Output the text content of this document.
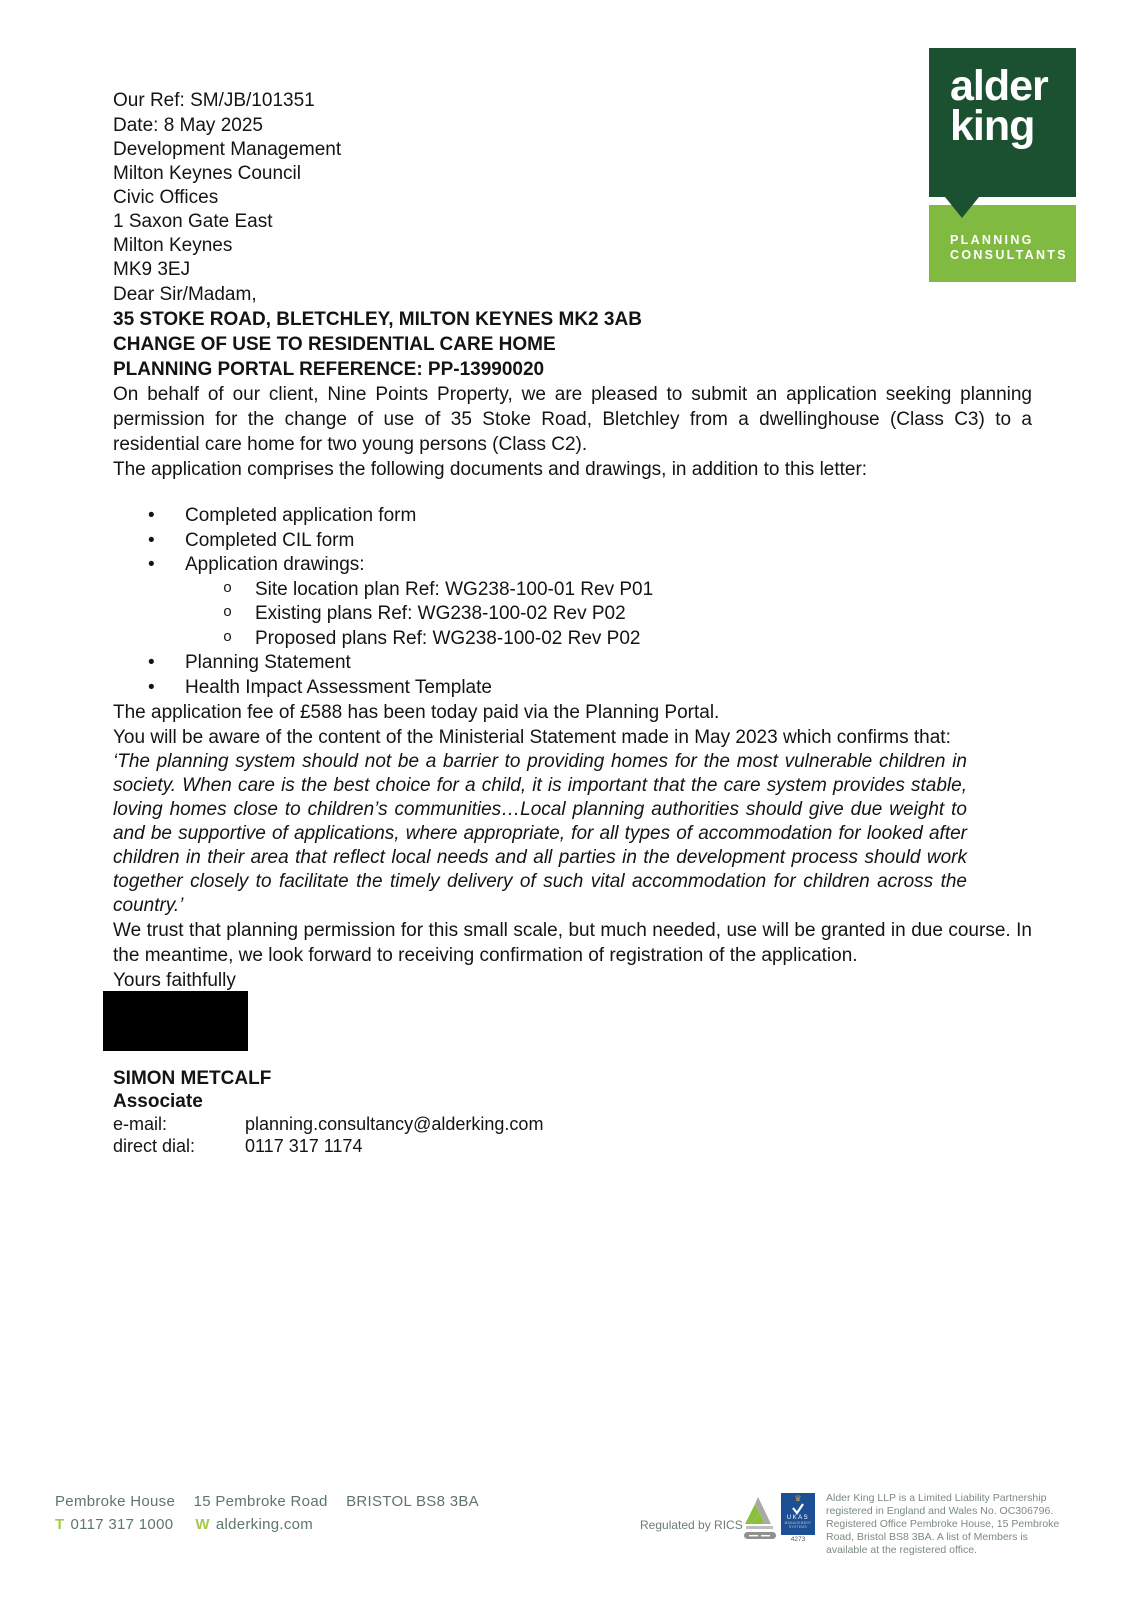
alder
king
PLANNING
CONSULTANTS
Our Ref: SM/JB/101351
Date: 8 May 2025
Development Management
Milton Keynes Council
Civic Offices
1 Saxon Gate East
Milton Keynes
MK9 3EJ

Dear Sir/Madam,

35 STOKE ROAD, BLETCHLEY, MILTON KEYNES MK2 3AB
CHANGE OF USE TO RESIDENTIAL CARE HOME
PLANNING PORTAL REFERENCE: PP-13990020

On behalf of our client, Nine Points Property, we are pleased to submit an application seeking planning permission for the change of use of 35 Stoke Road, Bletchley from a dwellinghouse (Class C3) to a residential care home for two young persons (Class C2).

The application comprises the following documents and drawings, in addition to this letter:

• Completed application form
• Completed CIL form
• Application drawings:
o Site location plan Ref: WG238-100-01 Rev P01
o Existing plans Ref: WG238-100-02 Rev P02
o Proposed plans Ref: WG238-100-02 Rev P02
• Planning Statement
• Health Impact Assessment Template

The application fee of £588 has been today paid via the Planning Portal.

You will be aware of the content of the Ministerial Statement made in May 2023 which confirms that:

‘The planning system should not be a barrier to providing homes for the most vulnerable children in society. When care is the best choice for a child, it is important that the care system provides stable, loving homes close to children’s communities…Local planning authorities should give due weight to and be supportive of applications, where appropriate, for all types of accommodation for looked after children in their area that reflect local needs and all parties in the development process should work together closely to facilitate the timely delivery of such vital accommodation for children across the country.’

We trust that planning permission for this small scale, but much needed, use will be granted in due course. In the meantime, we look forward to receiving confirmation of registration of the application.

Yours faithfully

SIMON METCALF
Associate
e-mail:	planning.consultancy@alderking.com
direct dial:	0117 317 1174
Pembroke House 15 Pembroke Road BRISTOL BS8 3BA
T 0117 317 1000 W alderking.com	Regulated by RICS
♛
UKAS
MANAGEMENT
SYSTEMS
4273
Alder King LLP is a Limited Liability Partnership registered in England and Wales No. OC306796. Registered Office Pembroke House, 15 Pembroke Road, Bristol BS8 3BA. A list of Members is available at the registered office.
